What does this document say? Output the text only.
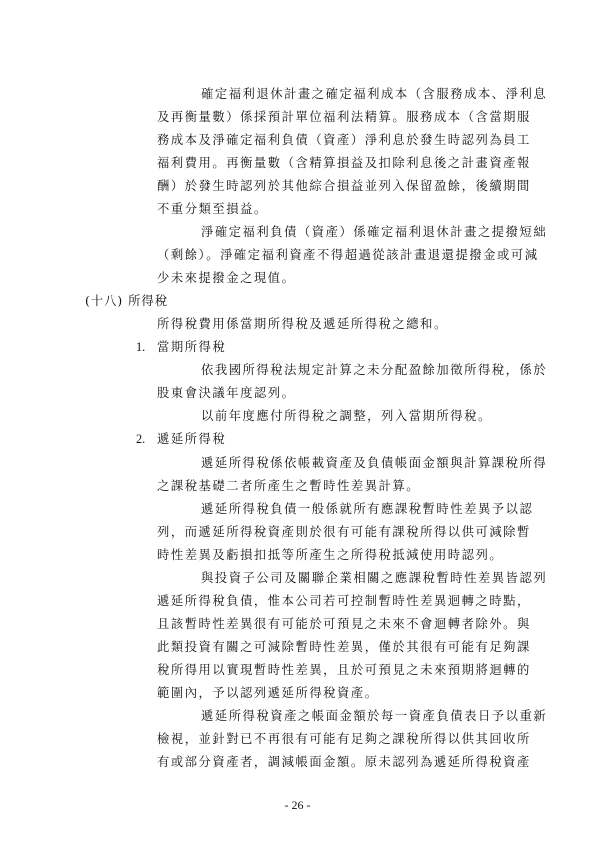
確定福利退休計畫之確定福利成本（含服務成本、淨利息
及再衡量數）係採預計單位福利法精算。服務成本（含當期服
務成本及淨確定福利負債（資產）淨利息於發生時認列為員工
福利費用。再衡量數（含精算損益及扣除利息後之計畫資產報
酬）於發生時認列於其他綜合損益並列入保留盈餘，後續期間
不重分類至損益。
淨確定福利負債（資產）係確定福利退休計畫之提撥短絀
（剩餘）。淨確定福利資產不得超過從該計畫退還提撥金或可減
少未來提撥金之現值。
(十八) 所得稅
所得稅費用係當期所得稅及遞延所得稅之總和。
1. 當期所得稅
依我國所得稅法規定計算之未分配盈餘加徵所得稅，係於
股東會決議年度認列。
以前年度應付所得稅之調整，列入當期所得稅。
2. 遞延所得稅
遞延所得稅係依帳載資產及負債帳面金額與計算課稅所得
之課稅基礎二者所產生之暫時性差異計算。
遞延所得稅負債一般係就所有應課稅暫時性差異予以認
列，而遞延所得稅資產則於很有可能有課稅所得以供可減除暫
時性差異及虧損扣抵等所產生之所得稅抵減使用時認列。
與投資子公司及關聯企業相關之應課稅暫時性差異皆認列
遞延所得稅負債，惟本公司若可控制暫時性差異迴轉之時點，
且該暫時性差異很有可能於可預見之未來不會迴轉者除外。與
此類投資有關之可減除暫時性差異，僅於其很有可能有足夠課
稅所得用以實現暫時性差異，且於可預見之未來預期將迴轉的
範圍內，予以認列遞延所得稅資產。
遞延所得稅資產之帳面金額於每一資產負債表日予以重新
檢視，並針對已不再很有可能有足夠之課稅所得以供其回收所
有或部分資產者，調減帳面金額。原未認列為遞延所得稅資產
- 26 -
